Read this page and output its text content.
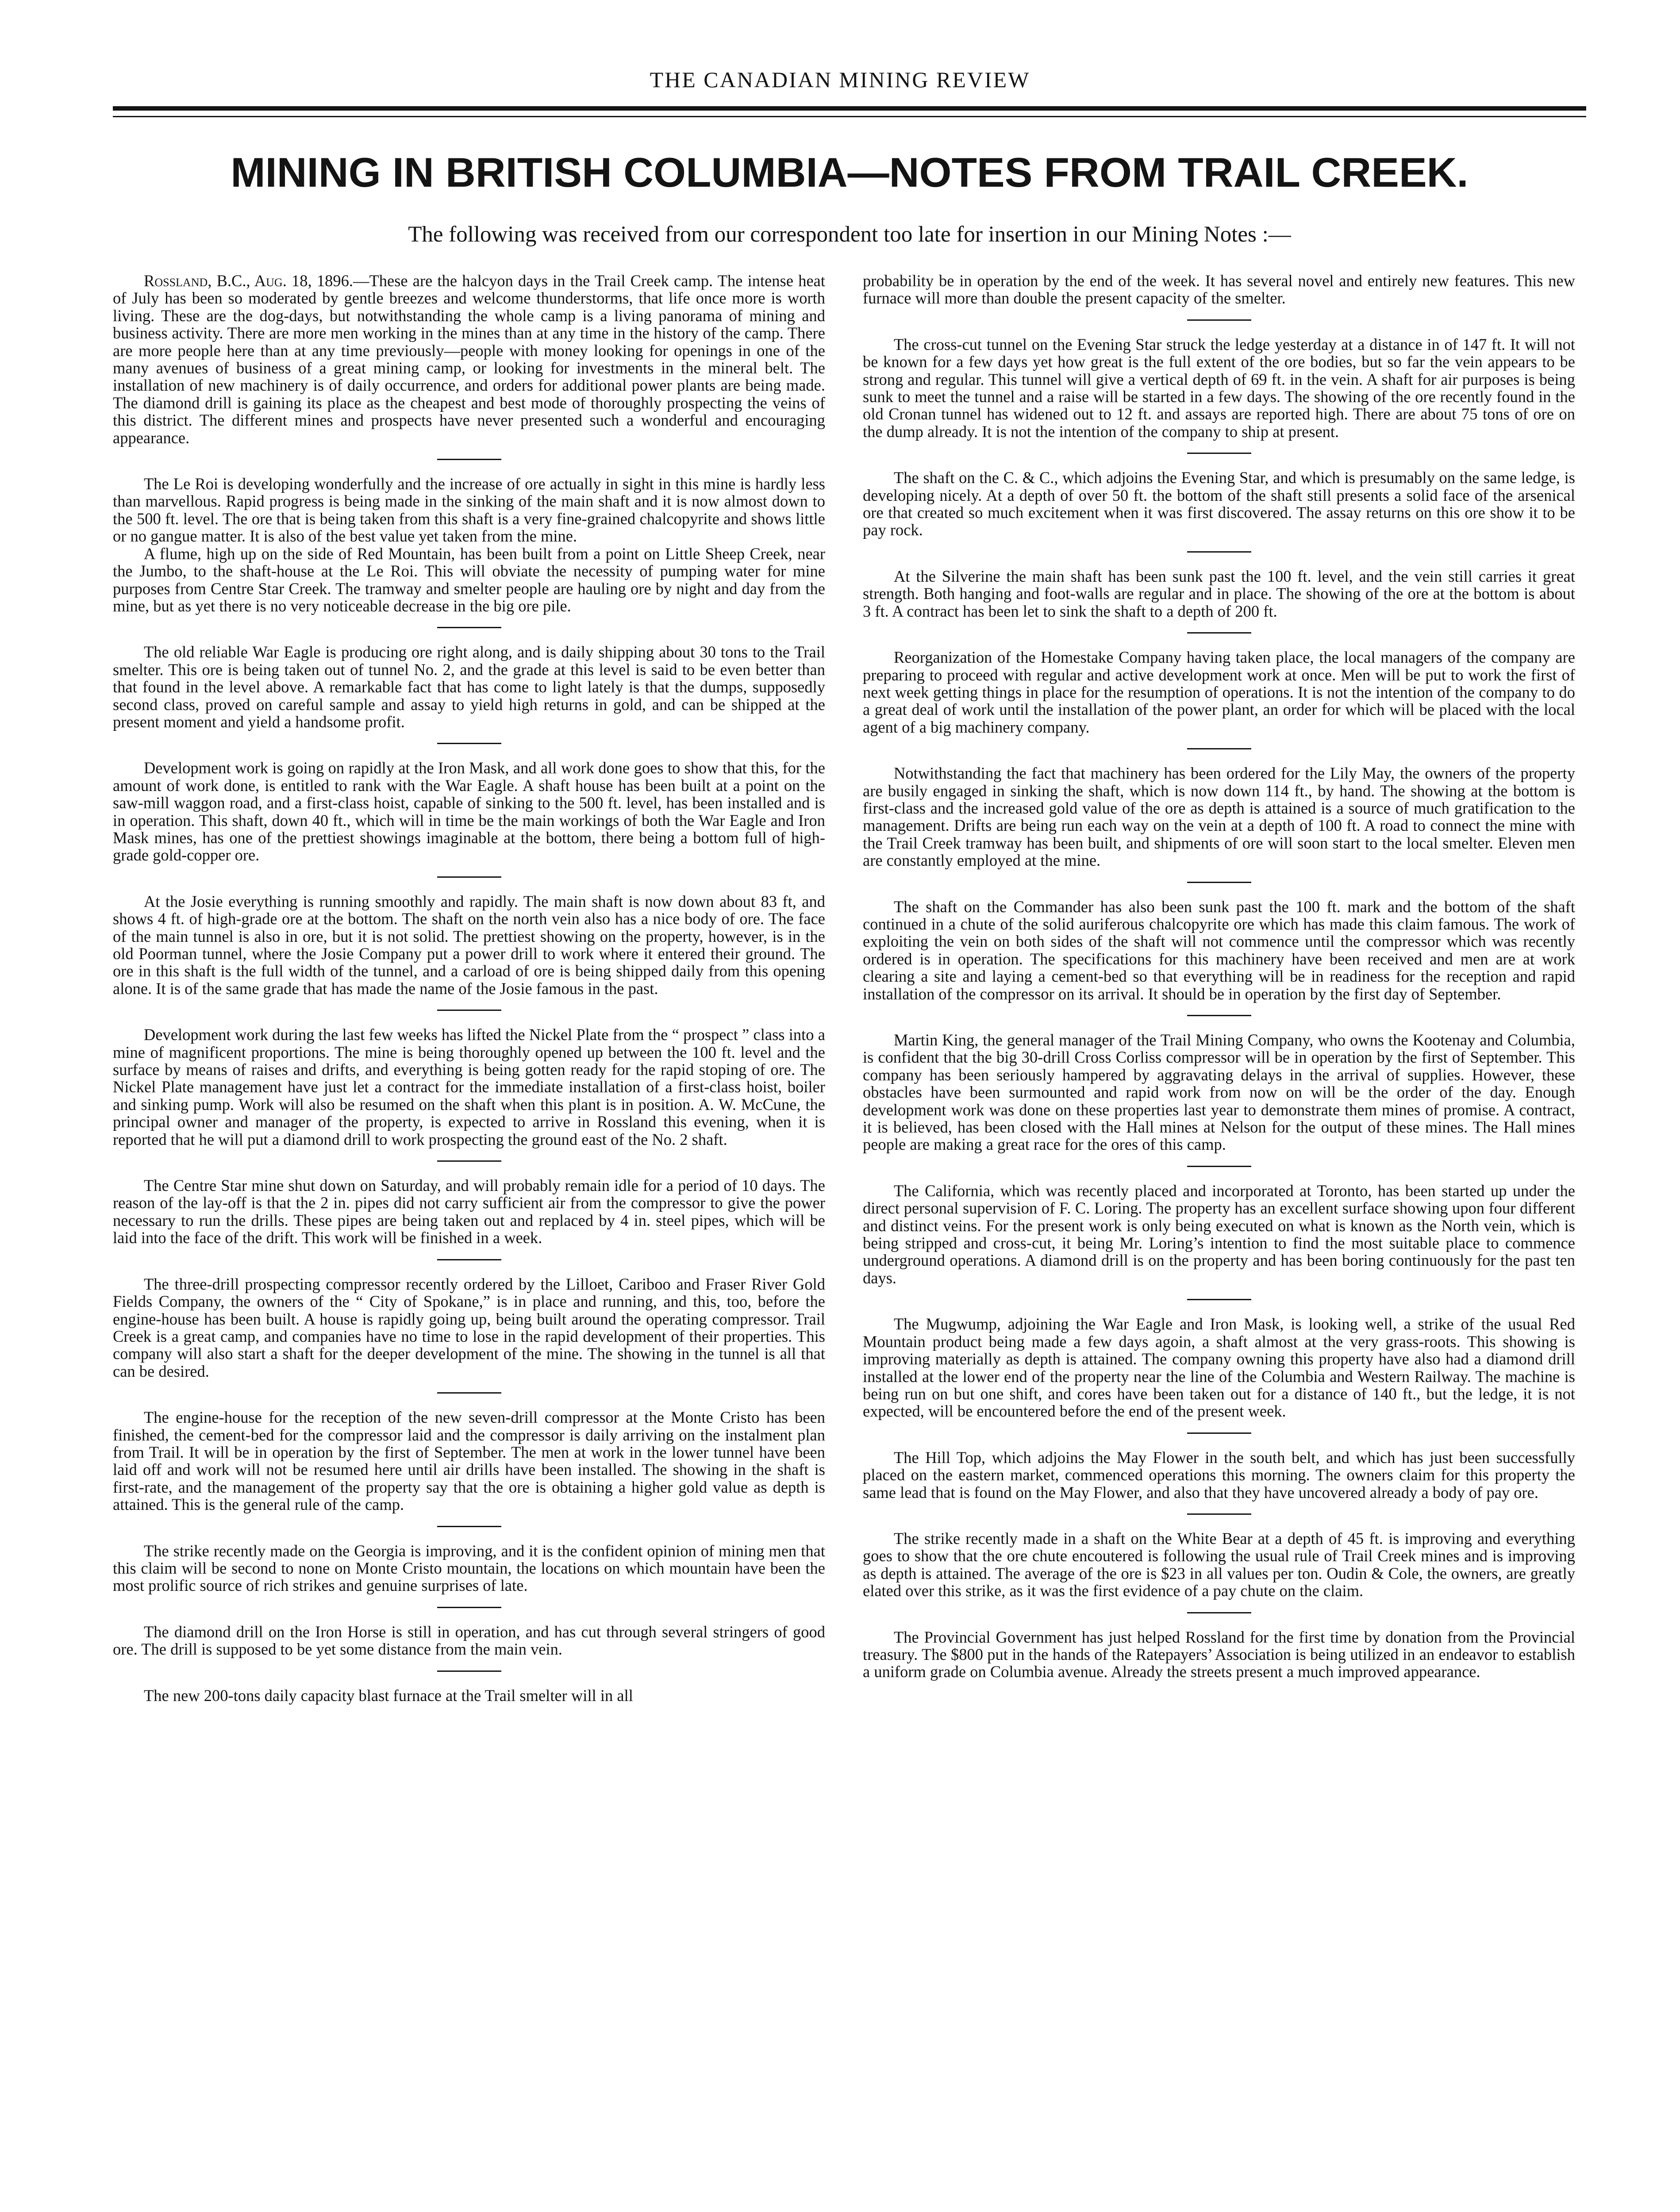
THE CANADIAN MINING REVIEW
MINING IN BRITISH COLUMBIA—NOTES FROM TRAIL CREEK.
The following was received from our correspondent too late for insertion in our Mining Notes :—

Rossland, B.C., Aug. 18, 1896.—These are the halcyon days in the Trail Creek camp. The intense heat of July has been so moderated by gentle breezes and welcome thunderstorms, that life once more is worth living. These are the dog-days, but notwithstanding the whole camp is a living panorama of mining and business activity. There are more men working in the mines than at any time in the history of the camp. There are more people here than at any time previously—people with money looking for openings in one of the many avenues of business of a great mining camp, or looking for investments in the mineral belt. The installation of new machinery is of daily occurrence, and orders for additional power plants are being made. The diamond drill is gaining its place as the cheapest and best mode of thoroughly prospecting the veins of this district. The different mines and prospects have never presented such a wonderful and encouraging appearance.

The Le Roi is developing wonderfully and the increase of ore actually in sight in this mine is hardly less than marvellous. Rapid progress is being made in the sinking of the main shaft and it is now almost down to the 500 ft. level. The ore that is being taken from this shaft is a very fine-grained chalcopyrite and shows little or no gangue matter. It is also of the best value yet taken from the mine.

A flume, high up on the side of Red Mountain, has been built from a point on Little Sheep Creek, near the Jumbo, to the shaft-house at the Le Roi. This will obviate the necessity of pumping water for mine purposes from Centre Star Creek. The tramway and smelter people are hauling ore by night and day from the mine, but as yet there is no very noticeable decrease in the big ore pile.

The old reliable War Eagle is producing ore right along, and is daily shipping about 30 tons to the Trail smelter. This ore is being taken out of tunnel No. 2, and the grade at this level is said to be even better than that found in the level above. A remarkable fact that has come to light lately is that the dumps, supposedly second class, proved on careful sample and assay to yield high returns in gold, and can be shipped at the present moment and yield a handsome profit.

Development work is going on rapidly at the Iron Mask, and all work done goes to show that this, for the amount of work done, is entitled to rank with the War Eagle. A shaft house has been built at a point on the saw-mill waggon road, and a first-class hoist, capable of sinking to the 500 ft. level, has been installed and is in operation. This shaft, down 40 ft., which will in time be the main workings of both the War Eagle and Iron Mask mines, has one of the prettiest showings imaginable at the bottom, there being a bottom full of high-grade gold-copper ore.

At the Josie everything is running smoothly and rapidly. The main shaft is now down about 83 ft, and shows 4 ft. of high-grade ore at the bottom. The shaft on the north vein also has a nice body of ore. The face of the main tunnel is also in ore, but it is not solid. The prettiest showing on the property, however, is in the old Poorman tunnel, where the Josie Company put a power drill to work where it entered their ground. The ore in this shaft is the full width of the tunnel, and a carload of ore is being shipped daily from this opening alone. It is of the same grade that has made the name of the Josie famous in the past.

Development work during the last few weeks has lifted the Nickel Plate from the “ prospect ” class into a mine of magnificent proportions. The mine is being thoroughly opened up between the 100 ft. level and the surface by means of raises and drifts, and everything is being gotten ready for the rapid stoping of ore. The Nickel Plate management have just let a contract for the immediate installation of a first-class hoist, boiler and sinking pump. Work will also be resumed on the shaft when this plant is in position. A. W. McCune, the principal owner and manager of the property, is expected to arrive in Rossland this evening, when it is reported that he will put a diamond drill to work prospecting the ground east of the No. 2 shaft.

The Centre Star mine shut down on Saturday, and will probably remain idle for a period of 10 days. The reason of the lay-off is that the 2 in. pipes did not carry sufficient air from the compressor to give the power necessary to run the drills. These pipes are being taken out and replaced by 4 in. steel pipes, which will be laid into the face of the drift. This work will be finished in a week.

The three-drill prospecting compressor recently ordered by the Lilloet, Cariboo and Fraser River Gold Fields Company, the owners of the “ City of Spokane,” is in place and running, and this, too, before the engine-house has been built. A house is rapidly going up, being built around the operating compressor. Trail Creek is a great camp, and companies have no time to lose in the rapid development of their properties. This company will also start a shaft for the deeper development of the mine. The showing in the tunnel is all that can be desired.

The engine-house for the reception of the new seven-drill compressor at the Monte Cristo has been finished, the cement-bed for the compressor laid and the compressor is daily arriving on the instalment plan from Trail. It will be in operation by the first of September. The men at work in the lower tunnel have been laid off and work will not be resumed here until air drills have been installed. The showing in the shaft is first-rate, and the management of the property say that the ore is obtaining a higher gold value as depth is attained. This is the general rule of the camp.

The strike recently made on the Georgia is improving, and it is the confident opinion of mining men that this claim will be second to none on Monte Cristo mountain, the locations on which mountain have been the most prolific source of rich strikes and genuine surprises of late.

The diamond drill on the Iron Horse is still in operation, and has cut through several stringers of good ore. The drill is supposed to be yet some distance from the main vein.

The new 200-tons daily capacity blast furnace at the Trail smelter will in all

probability be in operation by the end of the week. It has several novel and entirely new features. This new furnace will more than double the present capacity of the smelter.

The cross-cut tunnel on the Evening Star struck the ledge yesterday at a distance in of 147 ft. It will not be known for a few days yet how great is the full extent of the ore bodies, but so far the vein appears to be strong and regular. This tunnel will give a vertical depth of 69 ft. in the vein. A shaft for air purposes is being sunk to meet the tunnel and a raise will be started in a few days. The showing of the ore recently found in the old Cronan tunnel has widened out to 12 ft. and assays are reported high. There are about 75 tons of ore on the dump already. It is not the intention of the company to ship at present.

The shaft on the C. & C., which adjoins the Evening Star, and which is presumably on the same ledge, is developing nicely. At a depth of over 50 ft. the bottom of the shaft still presents a solid face of the arsenical ore that created so much excitement when it was first discovered. The assay returns on this ore show it to be pay rock.

At the Silverine the main shaft has been sunk past the 100 ft. level, and the vein still carries it great strength. Both hanging and foot-walls are regular and in place. The showing of the ore at the bottom is about 3 ft. A contract has been let to sink the shaft to a depth of 200 ft.

Reorganization of the Homestake Company having taken place, the local managers of the company are preparing to proceed with regular and active development work at once. Men will be put to work the first of next week getting things in place for the resumption of operations. It is not the intention of the company to do a great deal of work until the installation of the power plant, an order for which will be placed with the local agent of a big machinery company.

Notwithstanding the fact that machinery has been ordered for the Lily May, the owners of the property are busily engaged in sinking the shaft, which is now down 114 ft., by hand. The showing at the bottom is first-class and the increased gold value of the ore as depth is attained is a source of much gratification to the management. Drifts are being run each way on the vein at a depth of 100 ft. A road to connect the mine with the Trail Creek tramway has been built, and shipments of ore will soon start to the local smelter. Eleven men are constantly employed at the mine.

The shaft on the Commander has also been sunk past the 100 ft. mark and the bottom of the shaft continued in a chute of the solid auriferous chalcopyrite ore which has made this claim famous. The work of exploiting the vein on both sides of the shaft will not commence until the compressor which was recently ordered is in operation. The specifications for this machinery have been received and men are at work clearing a site and laying a cement-bed so that everything will be in readiness for the reception and rapid installation of the compressor on its arrival. It should be in operation by the first day of September.

Martin King, the general manager of the Trail Mining Company, who owns the Kootenay and Columbia, is confident that the big 30-drill Cross Corliss compressor will be in operation by the first of September. This company has been seriously hampered by aggravating delays in the arrival of supplies. However, these obstacles have been surmounted and rapid work from now on will be the order of the day. Enough development work was done on these properties last year to demonstrate them mines of promise. A contract, it is believed, has been closed with the Hall mines at Nelson for the output of these mines. The Hall mines people are making a great race for the ores of this camp.

The California, which was recently placed and incorporated at Toronto, has been started up under the direct personal supervision of F. C. Loring. The property has an excellent surface showing upon four different and distinct veins. For the present work is only being executed on what is known as the North vein, which is being stripped and cross-cut, it being Mr. Loring’s intention to find the most suitable place to commence underground operations. A diamond drill is on the property and has been boring continuously for the past ten days.

The Mugwump, adjoining the War Eagle and Iron Mask, is looking well, a strike of the usual Red Mountain product being made a few days agoin, a shaft almost at the very grass-roots. This showing is improving materially as depth is attained. The company owning this property have also had a diamond drill installed at the lower end of the property near the line of the Columbia and Western Railway. The machine is being run on but one shift, and cores have been taken out for a distance of 140 ft., but the ledge, it is not expected, will be encountered before the end of the present week.

The Hill Top, which adjoins the May Flower in the south belt, and which has just been successfully placed on the eastern market, commenced operations this morning. The owners claim for this property the same lead that is found on the May Flower, and also that they have uncovered already a body of pay ore.

The strike recently made in a shaft on the White Bear at a depth of 45 ft. is improving and everything goes to show that the ore chute encoutered is following the usual rule of Trail Creek mines and is improving as depth is attained. The average of the ore is $23 in all values per ton. Oudin & Cole, the owners, are greatly elated over this strike, as it was the first evidence of a pay chute on the claim.

The Provincial Government has just helped Rossland for the first time by donation from the Provincial treasury. The $800 put in the hands of the Ratepayers’ Association is being utilized in an endeavor to establish a uniform grade on Columbia avenue. Already the streets present a much improved appearance.
